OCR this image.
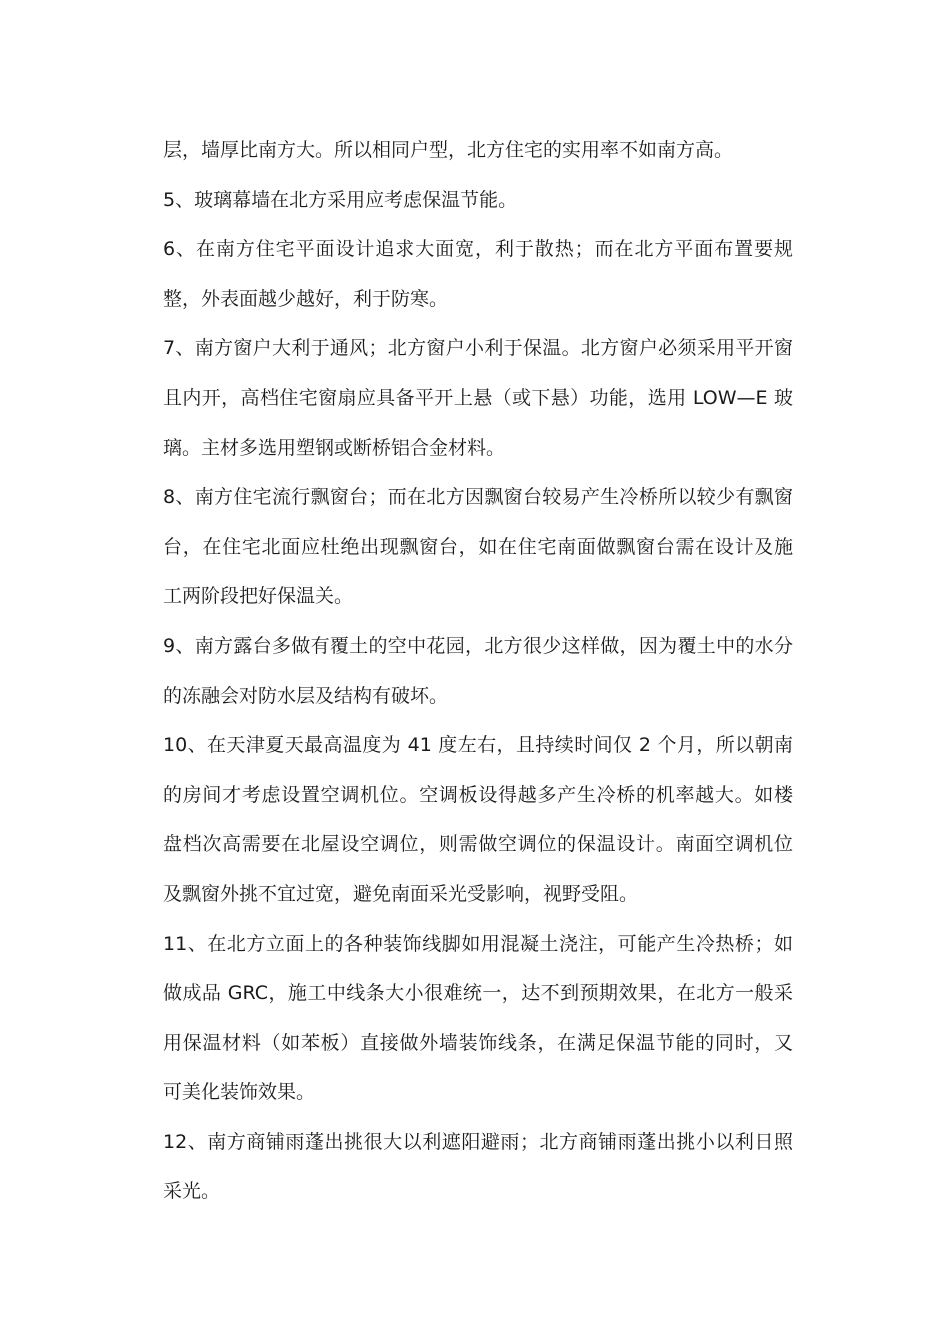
层，墙厚比南方大。所以相同户型，北方住宅的实用率不如南方高。
5、玻璃幕墙在北方采用应考虑保温节能。
6、在南方住宅平面设计追求大面宽，利于散热；而在北方平面布置要规
整，外表面越少越好，利于防寒。
7、南方窗户大利于通风；北方窗户小利于保温。北方窗户必须采用平开窗
且内开，高档住宅窗扇应具备平开上悬（或下悬）功能，选用 LOW—E 玻
璃。主材多选用塑钢或断桥铝合金材料。
8、南方住宅流行飘窗台；而在北方因飘窗台较易产生冷桥所以较少有飘窗
台，在住宅北面应杜绝出现飘窗台，如在住宅南面做飘窗台需在设计及施
工两阶段把好保温关。
9、南方露台多做有覆土的空中花园，北方很少这样做，因为覆土中的水分
的冻融会对防水层及结构有破坏。
10、在天津夏天最高温度为 41 度左右，且持续时间仅 2 个月，所以朝南
的房间才考虑设置空调机位。空调板设得越多产生冷桥的机率越大。如楼
盘档次高需要在北屋设空调位，则需做空调位的保温设计。南面空调机位
及飘窗外挑不宜过宽，避免南面采光受影响，视野受阻。
11、在北方立面上的各种装饰线脚如用混凝土浇注，可能产生冷热桥；如
做成品 GRC，施工中线条大小很难统一，达不到预期效果，在北方一般采
用保温材料（如苯板）直接做外墙装饰线条，在满足保温节能的同时，又
可美化装饰效果。
12、南方商铺雨蓬出挑很大以利遮阳避雨；北方商铺雨蓬出挑小以利日照
采光。
